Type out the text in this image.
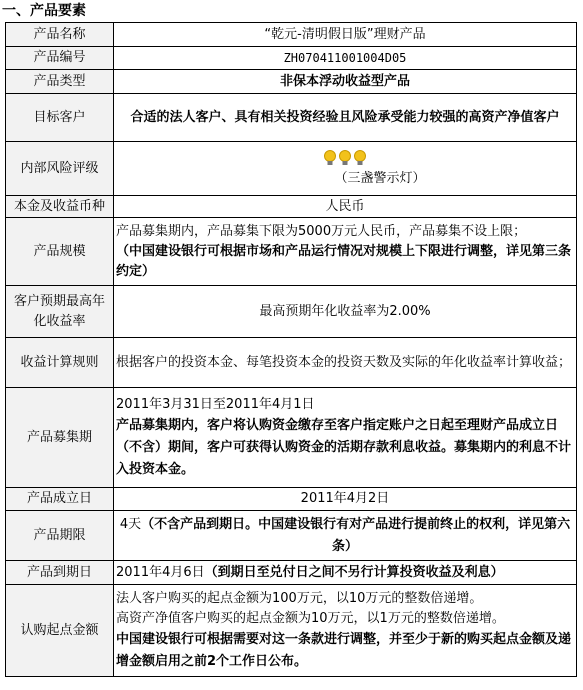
一、产品要素
产品名称	“乾元-清明假日版”理财产品
产品编号	ZH070411001004D05
产品类型	非保本浮动收益型产品
目标客户	合适的法人客户、具有相关投资经验且风险承受能力较强的高资产净值客户
内部风险评级	（三盏警示灯）
本金及收益币种	人民币
产品规模	产品募集期内，产品募集下限为5000万元人民币，产品募集不设上限；
（中国建设银行可根据市场和产品运行情况对规模上下限进行调整，详见第三条约定）

客户预期最高年化收益率	最高预期年化收益率为2.00%
收益计算规则	根据客户的投资本金、每笔投资本金的投资天数及实际的年化收益率计算收益；
产品募集期	2011年3月31日至2011年4月1日
产品募集期内，客户将认购资金缴存至客户指定账户之日起至理财产品成立日（不含）期间，客户可获得认购资金的活期存款利息收益。募集期内的利息不计入投资本金。

产品成立日	2011年4月2日
产品期限	4天（不含产品到期日。中国建设银行有对产品进行提前终止的权利，详见第六条）
产品到期日	2011年4月6日（到期日至兑付日之间不另行计算投资收益及利息）
认购起点金额	法人客户购买的起点金额为100万元，以10万元的整数倍递增。
高资产净值客户购买的起点金额为10万元，以1万元的整数倍递增。
中国建设银行可根据需要对这一条款进行调整，并至少于新的购买起点金额及递增金额启用之前2个工作日公布。
